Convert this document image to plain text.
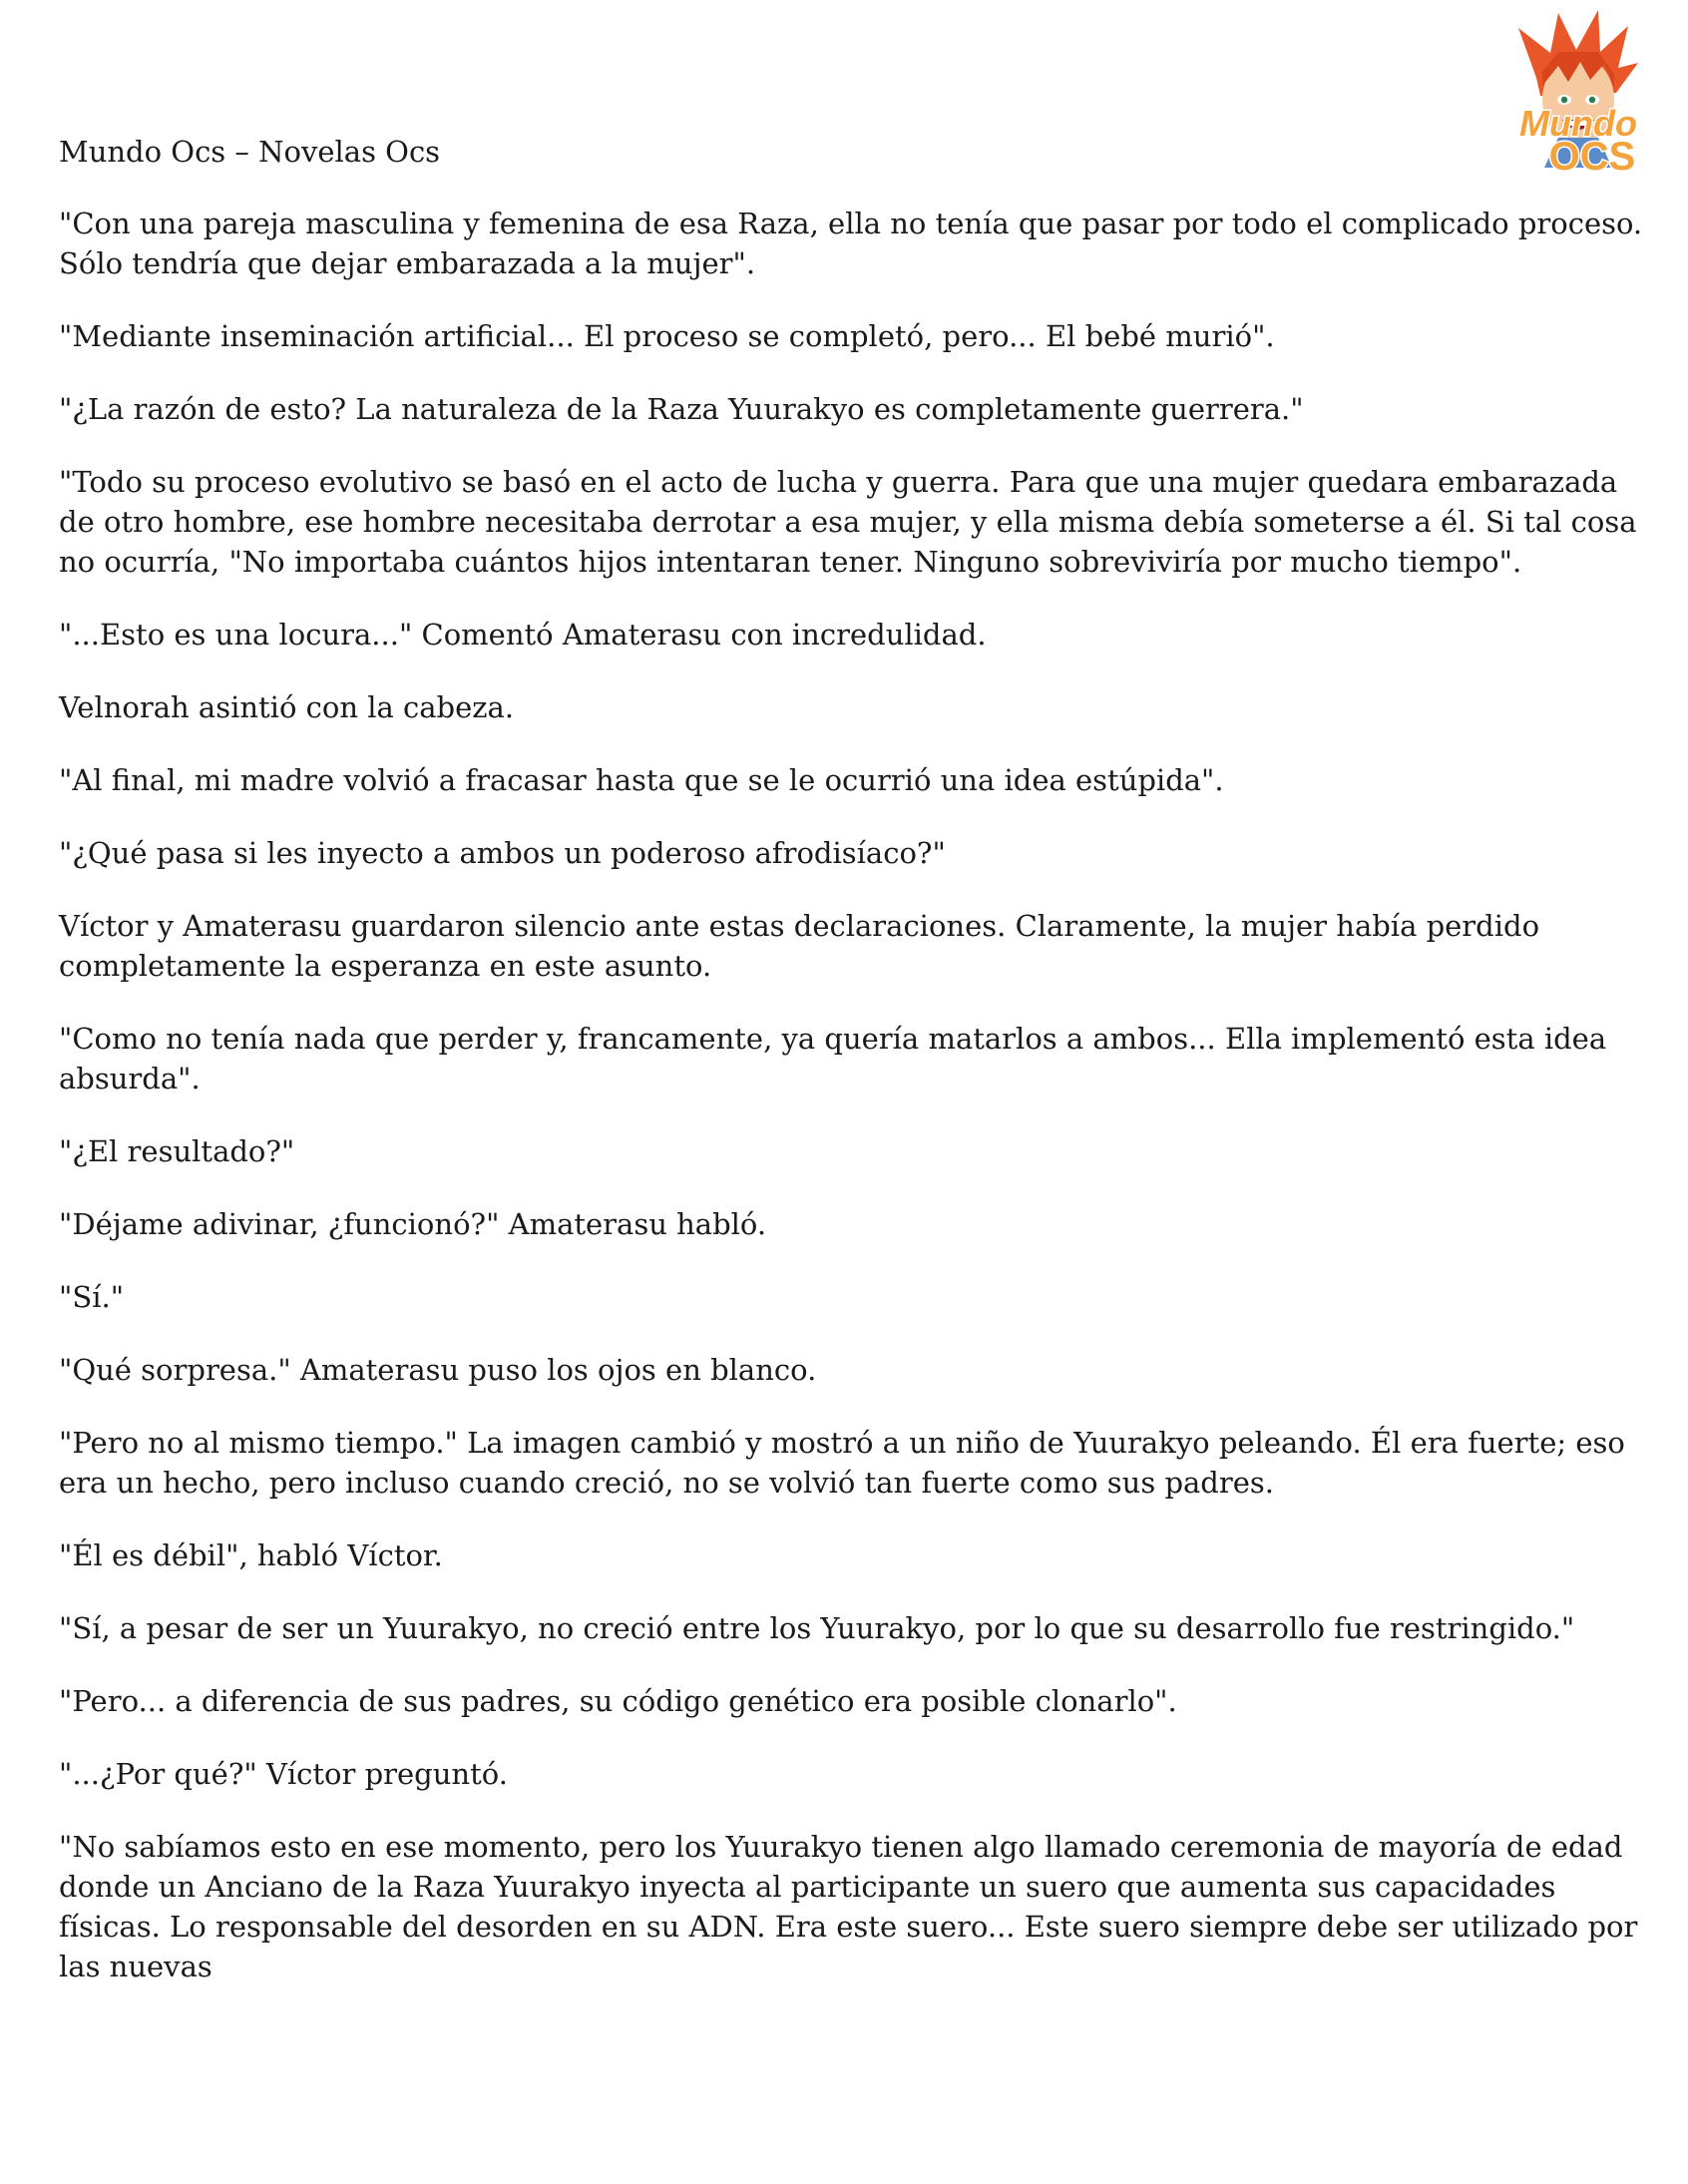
Mundo Ocs – Novelas Ocs
Mundo
OCS

"Con una pareja masculina y femenina de esa Raza, ella no tenía que pasar por todo el complicado proceso. Sólo tendría que dejar embarazada a la mujer".

"Mediante inseminación artificial... El proceso se completó, pero... El bebé murió".

"¿La razón de esto? La naturaleza de la Raza Yuurakyo es completamente guerrera."

"Todo su proceso evolutivo se basó en el acto de lucha y guerra. Para que una mujer quedara embarazada de otro hombre, ese hombre necesitaba derrotar a esa mujer, y ella misma debía someterse a él. Si tal cosa no ocurría, "No importaba cuántos hijos intentaran tener. Ninguno sobreviviría por mucho tiempo".

"...Esto es una locura..." Comentó Amaterasu con incredulidad.

Velnorah asintió con la cabeza.

"Al final, mi madre volvió a fracasar hasta que se le ocurrió una idea estúpida".

"¿Qué pasa si les inyecto a ambos un poderoso afrodisíaco?"

Víctor y Amaterasu guardaron silencio ante estas declaraciones. Claramente, la mujer había perdido completamente la esperanza en este asunto.

"Como no tenía nada que perder y, francamente, ya quería matarlos a ambos... Ella implementó esta idea absurda".

"¿El resultado?"

"Déjame adivinar, ¿funcionó?" Amaterasu habló.

"Sí."

"Qué sorpresa." Amaterasu puso los ojos en blanco.

"Pero no al mismo tiempo." La imagen cambió y mostró a un niño de Yuurakyo peleando. Él era fuerte; eso era un hecho, pero incluso cuando creció, no se volvió tan fuerte como sus padres.

"Él es débil", habló Víctor.

"Sí, a pesar de ser un Yuurakyo, no creció entre los Yuurakyo, por lo que su desarrollo fue restringido."

"Pero... a diferencia de sus padres, su código genético era posible clonarlo".

"...¿Por qué?" Víctor preguntó.

"No sabíamos esto en ese momento, pero los Yuurakyo tienen algo llamado ceremonia de mayoría de edad donde un Anciano de la Raza Yuurakyo inyecta al participante un suero que aumenta sus capacidades físicas. Lo responsable del desorden en su ADN. Era este suero... Este suero siempre debe ser utilizado por las nuevas
